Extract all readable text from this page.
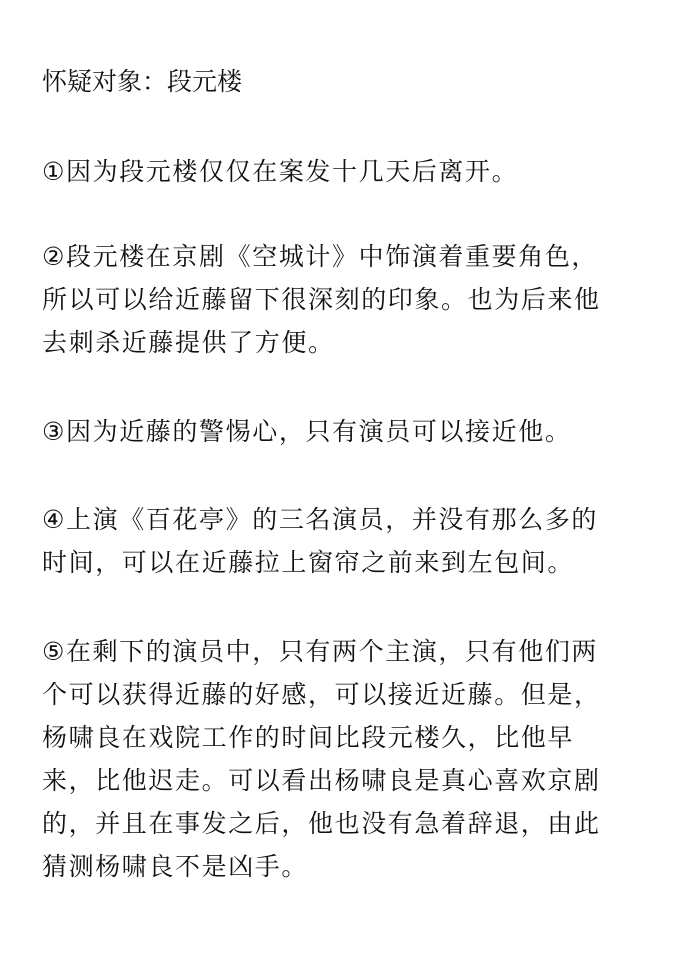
怀疑对象：段元楼
①因为段元楼仅仅在案发十几天后离开。
②段元楼在京剧《空城计》中饰演着重要角色，
所以可以给近藤留下很深刻的印象。也为后来他
去刺杀近藤提供了方便。
③因为近藤的警惕心，只有演员可以接近他。
④上演《百花亭》的三名演员，并没有那么多的
时间，可以在近藤拉上窗帘之前来到左包间。
⑤在剩下的演员中，只有两个主演，只有他们两
个可以获得近藤的好感，可以接近近藤。但是，
杨啸良在戏院工作的时间比段元楼久，比他早
来，比他迟走。可以看出杨啸良是真心喜欢京剧
的，并且在事发之后，他也没有急着辞退，由此
猜测杨啸良不是凶手。
